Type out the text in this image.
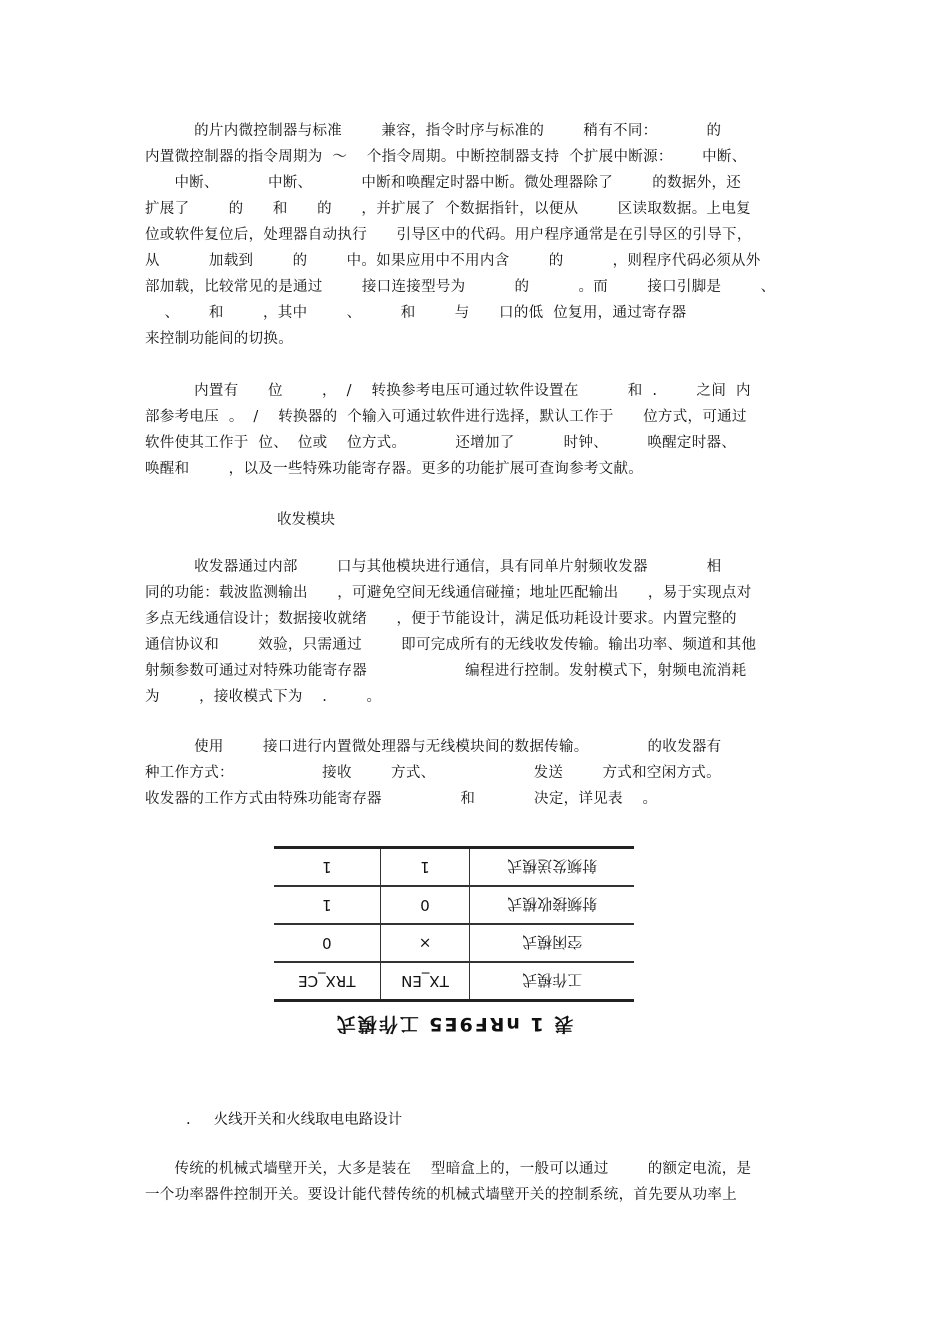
的片内微控制器与标准        兼容，指令时序与标准的        稍有不同：          的
内置微控制器的指令周期为  ～    个指令周期。中断控制器支持  个扩展中断源：      中断、
中断、          中断、          中断和唤醒定时器中断。微处理器除了        的数据外，还
扩展了        的      和      的      ，并扩展了  个数据指针，以便从        区读取数据。上电复
位或软件复位后，处理器自动执行      引导区中的代码。用户程序通常是在引导区的引导下，
从          加载到        的        中。如果应用中不用内含        的          ，则程序代码必须从外
部加载，比较常见的是通过        接口连接型号为          的          。而        接口引脚是        、
、      和        ，其中        、        和        与      口的低  位复用，通过寄存器
来控制功能间的切换。
内置有      位        ，  /    转换参考电压可通过软件设置在          和  .        之间  内
部参考电压  。  /    转换器的  个输入可通过软件进行选择，默认工作于      位方式，可通过
软件使其工作于  位、  位或    位方式。          还增加了          时钟、        唤醒定时器、
唤醒和        ，以及一些特殊功能寄存器。更多的功能扩展可查询参考文献。
收发模块
收发器通过内部        口与其他模块进行通信，具有同单片射频收发器            相
同的功能：载波监测输出      ，可避免空间无线通信碰撞；地址匹配输出      ，易于实现点对
多点无线通信设计；数据接收就绪      ，便于节能设计，满足低功耗设计要求。内置完整的
通信协议和        效验，只需通过        即可完成所有的无线收发传输。输出功率、频道和其他
射频参数可通过对特殊功能寄存器                    编程进行控制。发射模式下，射频电流消耗
为        ，接收模式下为    .        。
使用        接口进行内置微处理器与无线模块间的数据传输。            的收发器有
种工作方式：                  接收        方式、                    发送        方式和空闲方式。
收发器的工作方式由特殊功能寄存器                和            决定，详见表    。
工作模式	TX_EN	TRX_CE
空闲模式	×	0
射频接收模式	0	1
射频发送模式	1	1
表 1 nRF9E5 工作模式
.     火线开关和火线取电电路设计
传统的机械式墙壁开关，大多是装在    型暗盒上的，一般可以通过        的额定电流，是
一个功率器件控制开关。要设计能代替传统的机械式墙壁开关的控制系统，首先要从功率上
